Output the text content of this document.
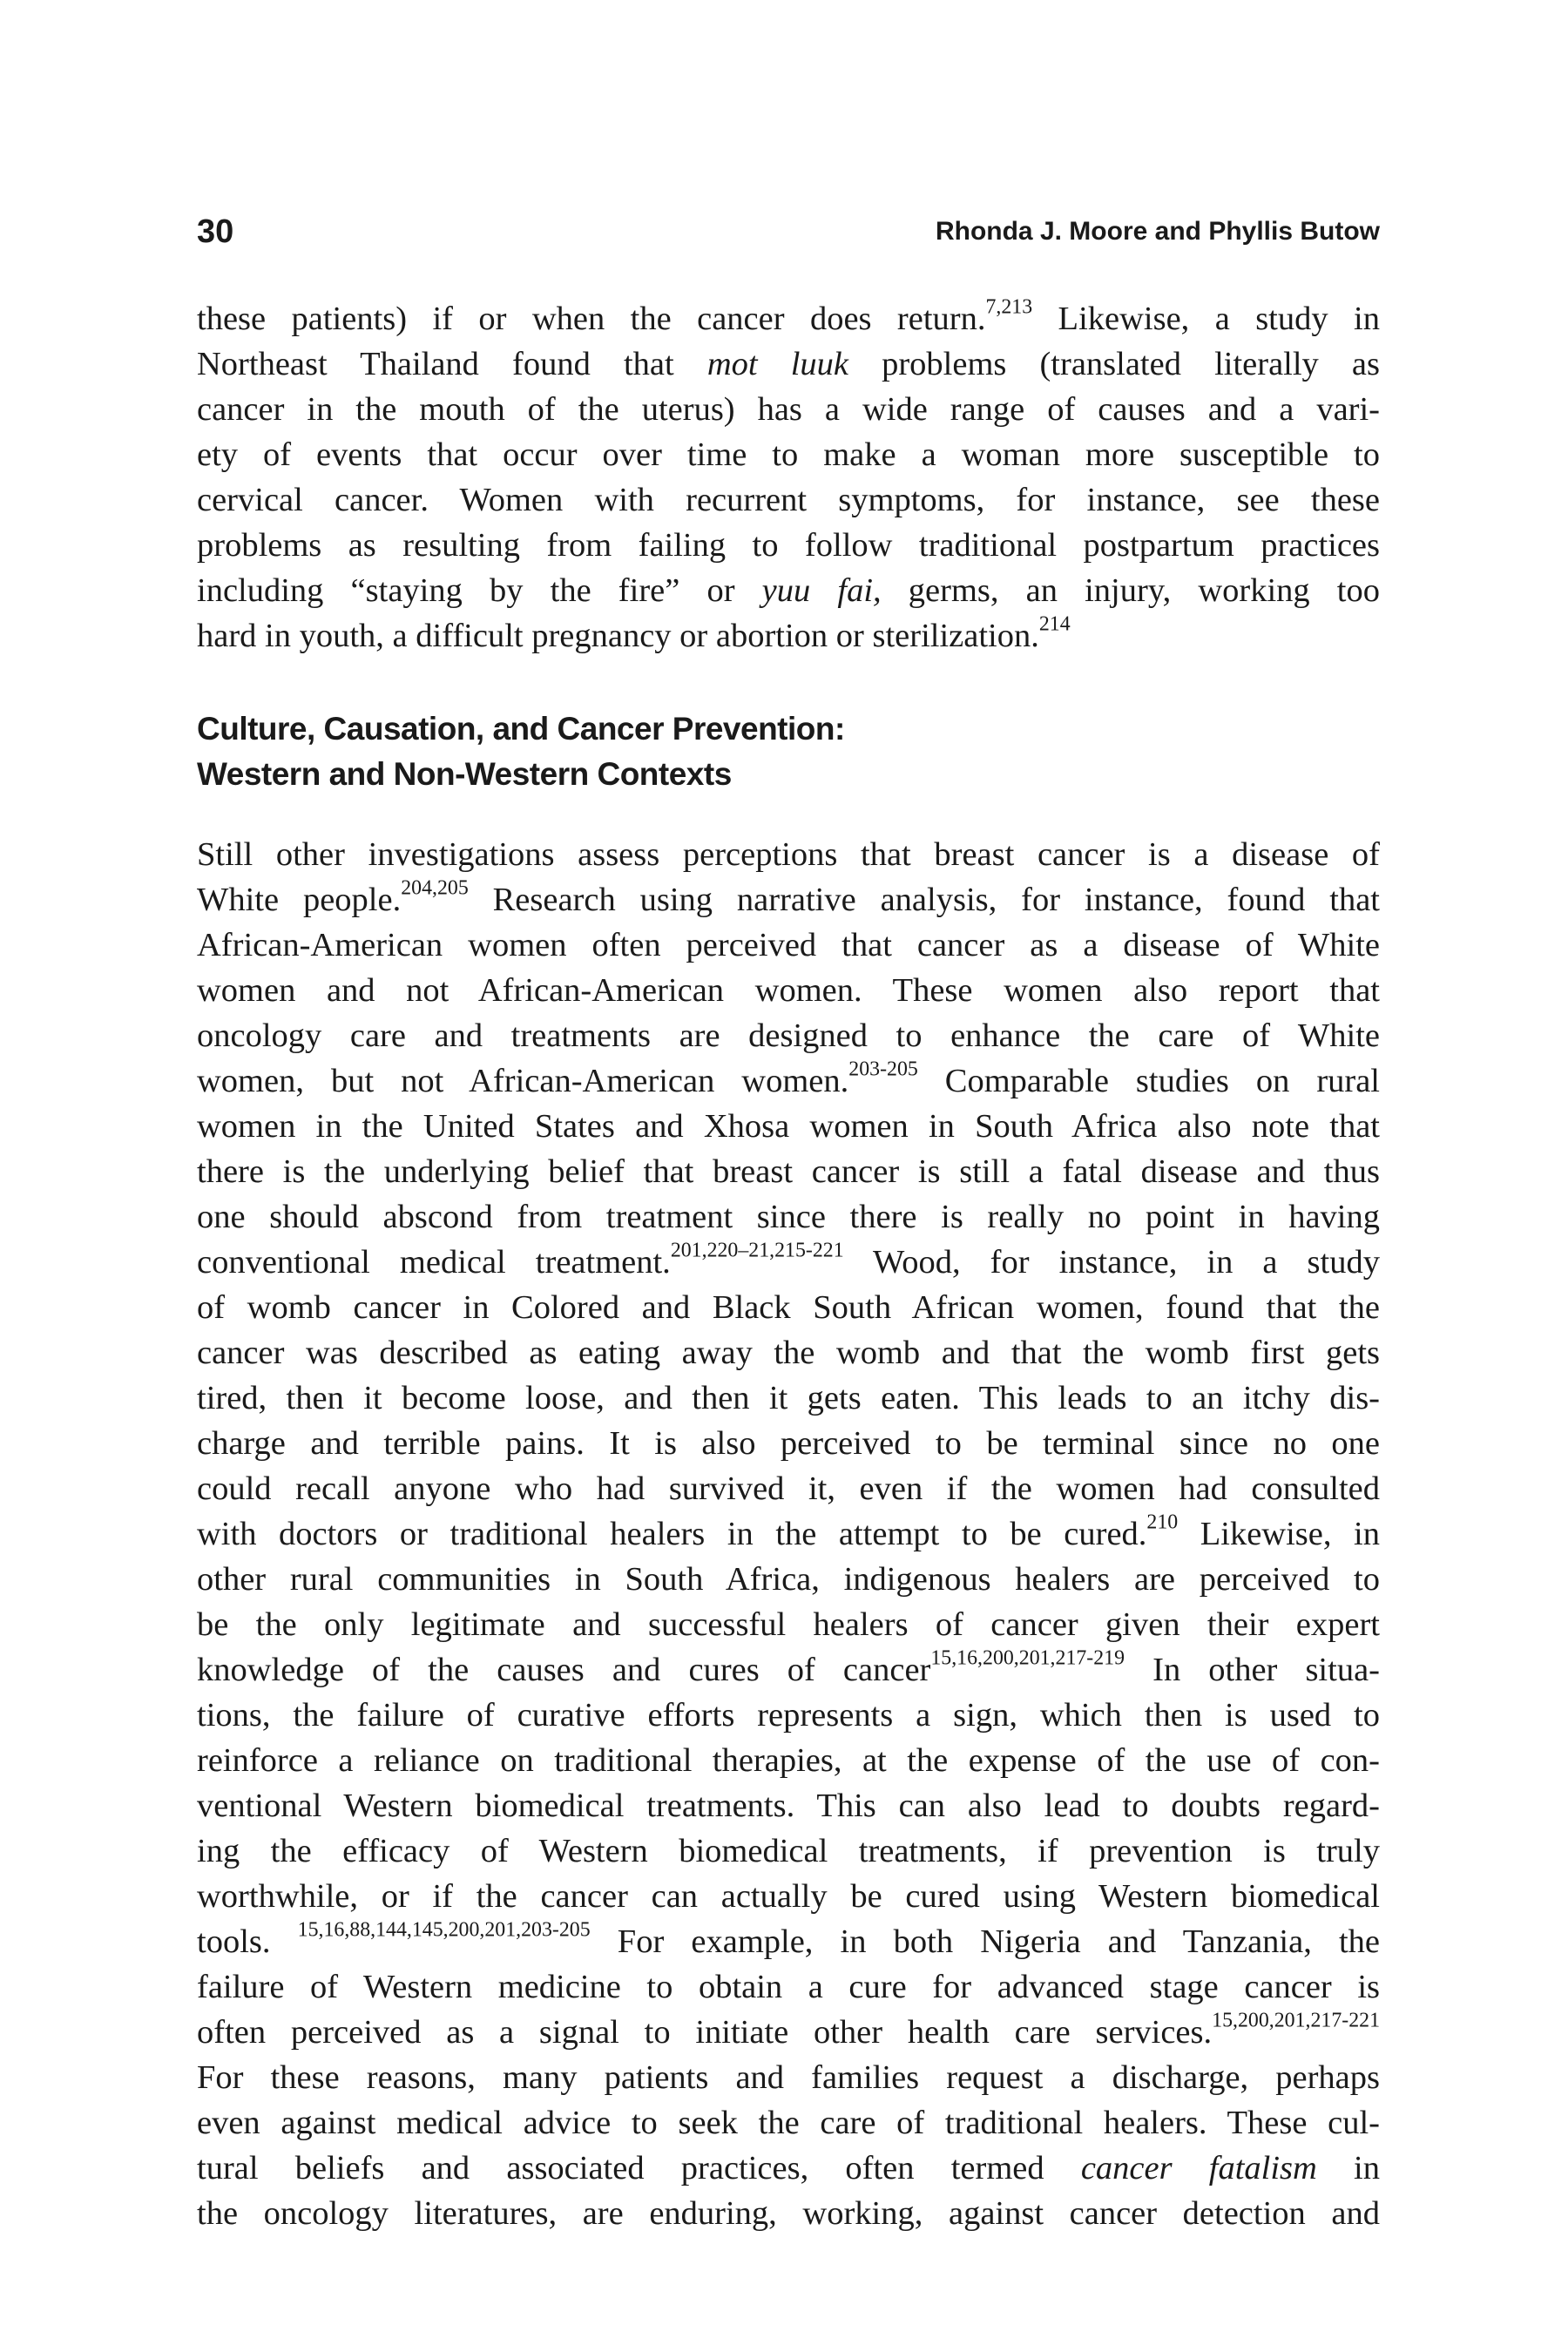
30	Rhonda J. Moore and Phyllis Butow

these patients) if or when the cancer does return.$^{7,213}$ Likewise, a study in
Northeast Thailand found that mot luuk problems (translated literally as
cancer in the mouth of the uterus) has a wide range of causes and a vari-
ety of events that occur over time to make a woman more susceptible to
cervical cancer. Women with recurrent symptoms, for instance, see these
problems as resulting from failing to follow traditional postpartum practices
including “staying by the fire” or yuu fai, germs, an injury, working too
hard in youth, a difficult pregnancy or abortion or sterilization.$^{214}$

Culture, Causation, and Cancer Prevention:
Western and Non-Western Contexts

Still other investigations assess perceptions that breast cancer is a disease of
White people.$^{204,205}$ Research using narrative analysis, for instance, found that
African-American women often perceived that cancer as a disease of White
women and not African-American women. These women also report that
oncology care and treatments are designed to enhance the care of White
women, but not African-American women.$^{203-205}$ Comparable studies on rural
women in the United States and Xhosa women in South Africa also note that
there is the underlying belief that breast cancer is still a fatal disease and thus
one should abscond from treatment since there is really no point in having
conventional medical treatment.$^{201,220-21,215-221}$ Wood, for instance, in a study
of womb cancer in Colored and Black South African women, found that the
cancer was described as eating away the womb and that the womb first gets
tired, then it become loose, and then it gets eaten. This leads to an itchy dis-
charge and terrible pains. It is also perceived to be terminal since no one
could recall anyone who had survived it, even if the women had consulted
with doctors or traditional healers in the attempt to be cured.$^{210}$ Likewise, in
other rural communities in South Africa, indigenous healers are perceived to
be the only legitimate and successful healers of cancer given their expert
knowledge of the causes and cures of cancer$^{15,16,200,201,217-219}$ In other situa-
tions, the failure of curative efforts represents a sign, which then is used to
reinforce a reliance on traditional therapies, at the expense of the use of con-
ventional Western biomedical treatments. This can also lead to doubts regard-
ing the efficacy of Western biomedical treatments, if prevention is truly
worthwhile, or if the cancer can actually be cured using Western biomedical
tools. $^{15,16,88,144,145,200,201,203-205}$ For example, in both Nigeria and Tanzania, the
failure of Western medicine to obtain a cure for advanced stage cancer is
often perceived as a signal to initiate other health care services.$^{15,200,201,217-221}$
For these reasons, many patients and families request a discharge, perhaps
even against medical advice to seek the care of traditional healers. These cul-
tural beliefs and associated practices, often termed cancer fatalism in
the oncology literatures, are enduring, working, against cancer detection and
